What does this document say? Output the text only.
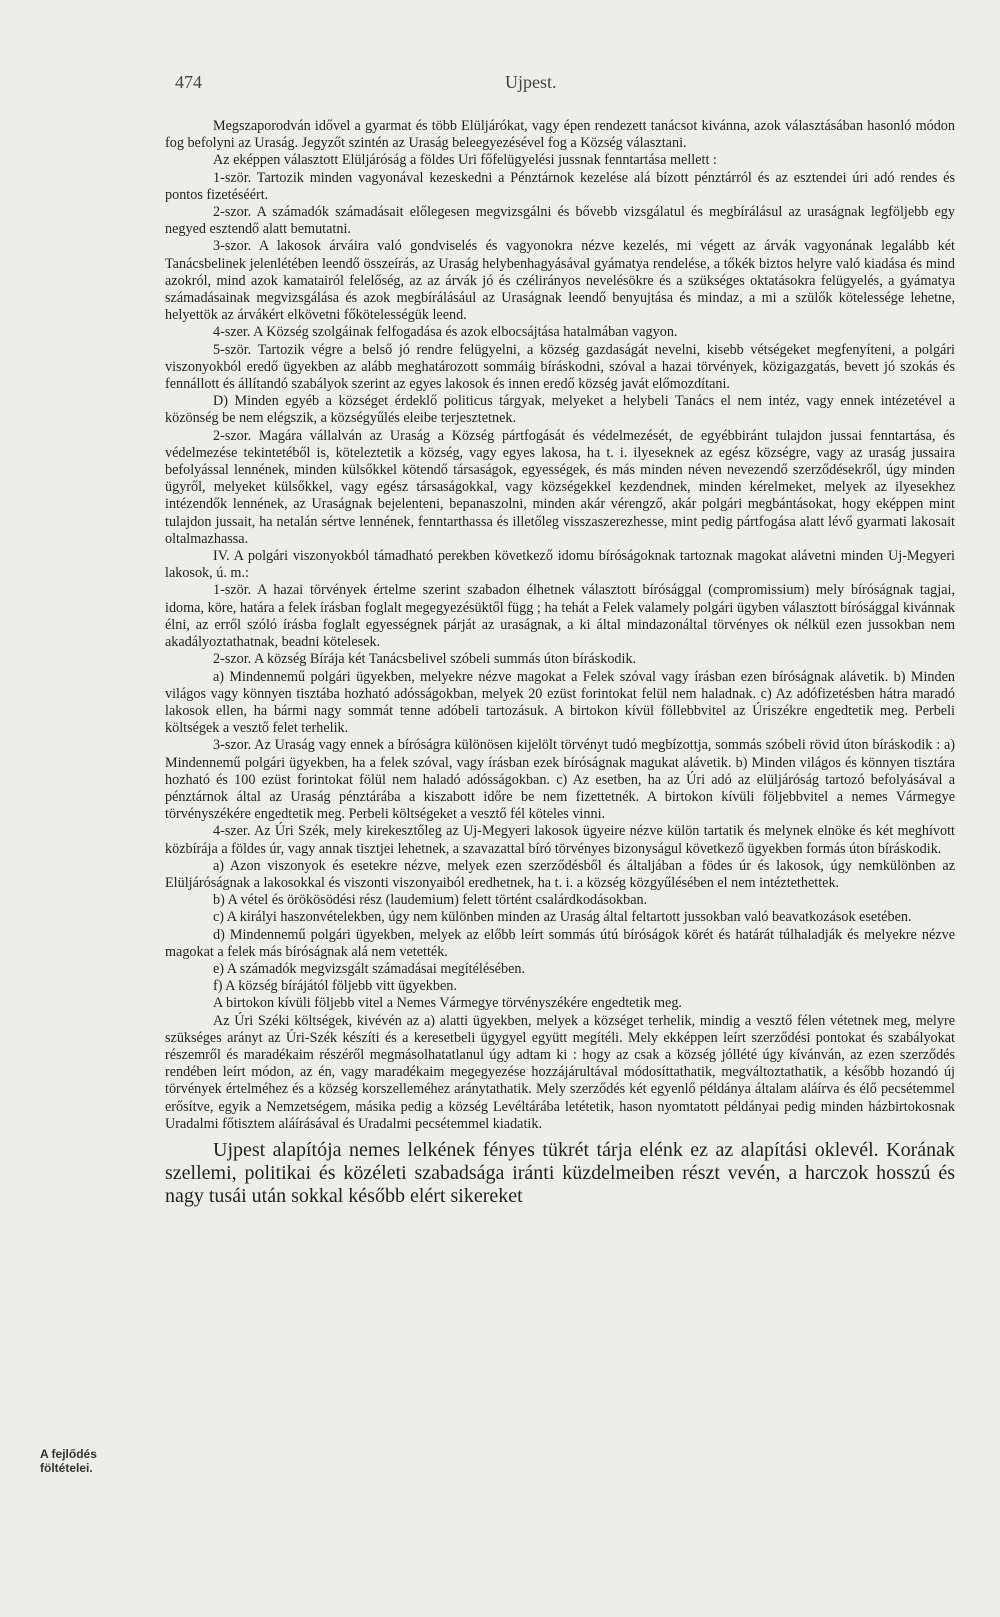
474	Ujpest.

Megszaporodván idővel a gyarmat és több Elüljárókat, vagy épen rendezett tanácsot kivánna, azok választásában hasonló módon fog befolyni az Uraság. Jegyzőt szintén az Uraság beleegyezésével fog a Község választani.

Az eképpen választott Elüljáróság a földes Uri főfelügyelési jussnak fenntartása mellett :

1-ször. Tartozik minden vagyonával kezeskedni a Pénztárnok kezelése alá bízott pénztárról és az esztendei úri adó rendes és pontos fizetéséért.

2-szor. A számadók számadásait előlegesen megvizsgálni és bővebb vizsgálatul és megbírálásul az uraságnak legföljebb egy negyed esztendő alatt bemutatni.

3-szor. A lakosok árváira való gondviselés és vagyonokra nézve kezelés, mi végett az árvák vagyonának legalább két Tanácsbelinek jelenlétében leendő összeírás, az Uraság helybenhagyásával gyámatya rendelése, a tőkék biztos helyre való kiadása és mind azokról, mind azok kamatairól felelőség, az az árvák jó és czélirányos nevelésökre és a szükséges oktatásokra felügyelés, a gyámatya számadásainak megvizsgálása és azok megbírálásául az Uraságnak leendő benyujtása és mindaz, a mi a szülők kötelessége lehetne, helyettök az árvákért elkövetni főkötelességük leend.

4-szer. A Község szolgáinak felfogadása és azok elbocsájtása hatalmában vagyon.

5-ször. Tartozik végre a belső jó rendre felügyelni, a község gazdaságát nevelni, kisebb vétségeket megfenyíteni, a polgári viszonyokból eredő ügyekben az alább meghatározott sommáig bíráskodni, szóval a hazai törvények, közigazgatás, bevett jó szokás és fennállott és állítandó szabályok szerint az egyes lakosok és innen eredő község javát előmozdítani.

D) Minden egyéb a községet érdeklő politicus tárgyak, melyeket a helybeli Tanács el nem intéz, vagy ennek intézetével a közönség be nem elégszik, a községyűlés eleibe terjesztetnek.

2-szor. Magára vállalván az Uraság a Község pártfogását és védelmezését, de egyébbiránt tulajdon jussai fenntartása, és védelmezése tekintetéből is, köteleztetik a község, vagy egyes lakosa, ha t. i. ilyeseknek az egész községre, vagy az uraság jussaira befolyással lennének, minden külsőkkel kötendő társaságok, egyességek, és más minden néven nevezendő szerződésekről, úgy minden ügyről, melyeket külsőkkel, vagy egész társaságokkal, vagy községekkel kezdendnek, minden kérelmeket, melyek az ilyesekhez intézendők lennének, az Uraságnak bejelenteni, bepanaszolni, minden akár vérengző, akár polgári megbántásokat, hogy eképpen mint tulajdon jussait, ha netalán sértve lennének, fenntarthassa és illetőleg visszaszerezhesse, mint pedig pártfogása alatt lévő gyarmati lakosait oltalmazhassa.

IV. A polgári viszonyokból támadható perekben következő idomu bíróságoknak tartoznak magokat alávetni minden Uj-Megyeri lakosok, ú. m.:

1-ször. A hazai törvények értelme szerint szabadon élhetnek választott bírósággal (compromissium) mely bíróságnak tagjai, idoma, köre, határa a felek írásban foglalt megegyezésüktől függ ; ha tehát a Felek valamely polgári ügyben választott bírósággal kivánnak élni, az erről szóló írásba foglalt egyességnek párját az uraságnak, a ki által mindazonáltal törvényes ok nélkül ezen jussokban nem akadályoztathatnak, beadni kötelesek.

2-szor. A község Bírája két Tanácsbelivel szóbeli summás úton bíráskodik.

a) Mindennemű polgári ügyekben, melyekre nézve magokat a Felek szóval vagy írásban ezen bíróságnak alávetik. b) Minden világos vagy könnyen tisztába hozható adósságokban, melyek 20 ezüst forintokat felül nem haladnak. c) Az adófizetésben hátra maradó lakosok ellen, ha bármi nagy sommát tenne adóbeli tartozásuk. A birtokon kívül föllebbvitel az Úriszékre engedtetik meg. Perbeli költségek a vesztő felet terhelik.

3-szor. Az Uraság vagy ennek a bíróságra különösen kijelölt törvényt tudó megbízottja, sommás szóbeli rövid úton bíráskodik : a) Mindennemű polgári ügyekben, ha a felek szóval, vagy írásban ezek bíróságnak magukat alávetik. b) Minden világos és könnyen tisztára hozható és 100 ezüst forintokat fölül nem haladó adósságokban. c) Az esetben, ha az Úri adó az elüljáróság tartozó befolyásával a pénztárnok által az Uraság pénztárába a kiszabott időre be nem fizettetnék. A birtokon kívüli följebbvitel a nemes Vármegye törvényszékére engedtetik meg. Perbeli költségeket a vesztő fél köteles vinni.

4-szer. Az Úri Szék, mely kirekesztőleg az Uj-Megyeri lakosok ügyeire nézve külön tartatik és melynek elnöke és két meghívott közbírája a földes úr, vagy annak tisztjei lehetnek, a szavazattal bíró törvényes bizonyságul következő ügyekben formás úton bíráskodik.

a) Azon viszonyok és esetekre nézve, melyek ezen szerződésből és általjában a födes úr és lakosok, úgy nemkülönben az Elüljáróságnak a lakosokkal és viszonti viszonyaiból eredhetnek, ha t. i. a község közgyűlésében el nem intéztethettek.

b) A vétel és örökösödési rész (laudemium) felett történt csalárdkodásokban.

c) A királyi haszonvételekben, úgy nem különben minden az Uraság által feltartott jussokban való beavatkozások esetében.

d) Mindennemű polgári ügyekben, melyek az előbb leírt sommás útú bíróságok körét és határát túlhaladják és melyekre nézve magokat a felek más bíróságnak alá nem vetették.

e) A számadók megvizsgált számadásai megítélésében.

f) A község bírájától följebb vitt ügyekben.

A birtokon kívüli följebb vitel a Nemes Vármegye törvényszékére engedtetik meg.

Az Úri Széki költségek, kivévén az a) alatti ügyekben, melyek a községet terhelik, mindig a vesztő félen vétetnek meg, melyre szükséges arányt az Úri-Szék készíti és a keresetbeli ügygyel együtt megítéli. Mely ekképpen leírt szerződési pontokat és szabályokat részemről és maradékaim részéről megmásolhatatlanul úgy adtam ki : hogy az csak a község jóllété úgy kívánván, az ezen szerződés rendében leírt módon, az én, vagy maradékaim megegyezése hozzájárultával módosíttathatik, megváltoztathatik, a később hozandó új törvények értelméhez és a község korszelleméhez aránytathatik. Mely szerződés két egyenlő példánya általam aláírva és élő pecsétemmel erősítve, egyik a Nemzetségem, másika pedig a község Levéltárába letétetik, hason nyomtatott példányai pedig minden házbirtokosnak Uradalmi főtisztem aláírásával és Uradalmi pecsétemmel kiadatik.

Ujpest alapítója nemes lelkének fényes tükrét tárja elénk ez az alapítási oklevél. Korának szellemi, politikai és közéleti szabadsága iránti küzdelmeiben részt vevén, a harczok hosszú és nagy tusái után sokkal később elért sikereket

A fejlődés
föltételei.
